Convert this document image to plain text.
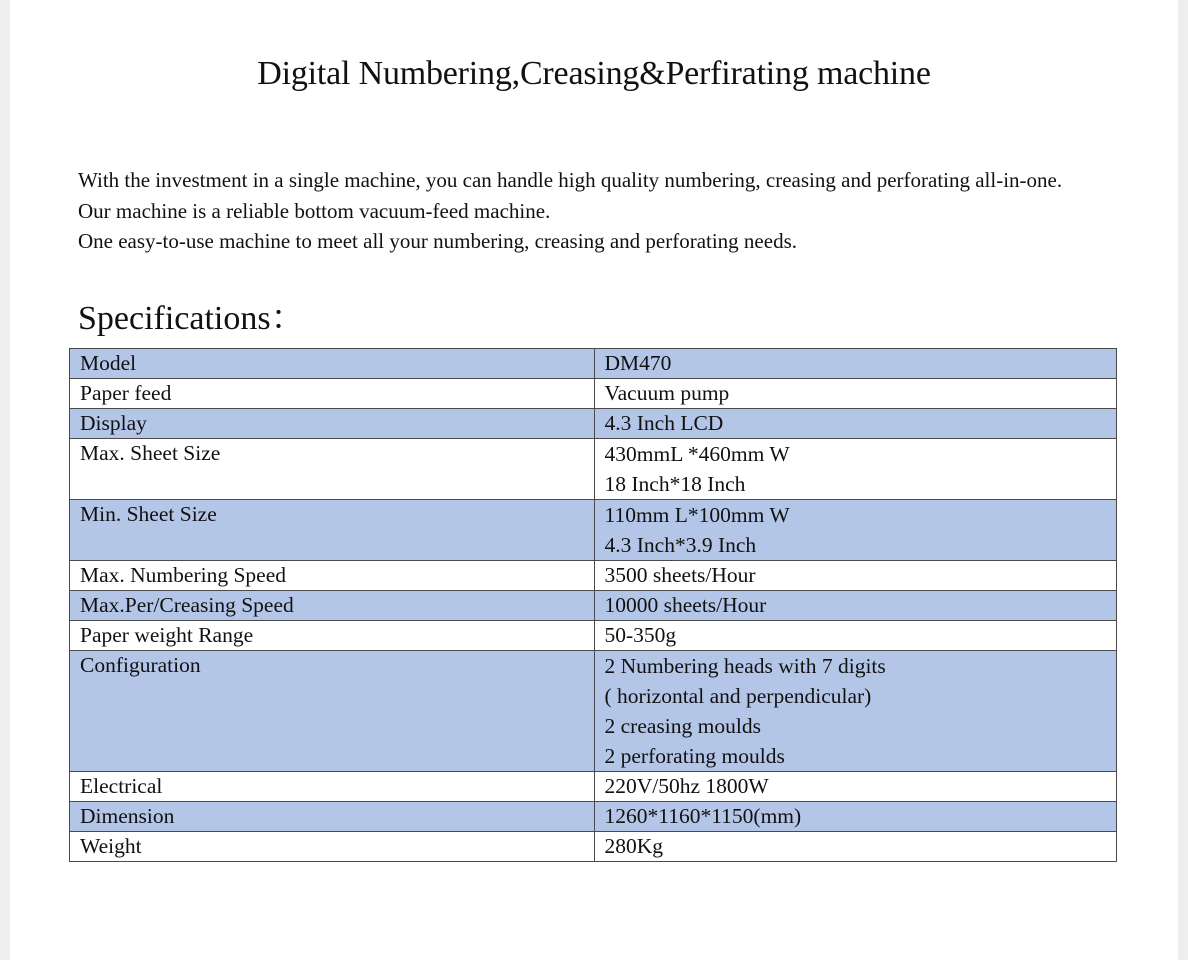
Digital Numbering,Creasing&Perfirating machine

With the investment in a single machine, you can handle high quality numbering, creasing and perforating all-in-one.

Our machine is a reliable bottom vacuum-feed machine.

One easy-to-use machine to meet all your numbering, creasing and perforating needs.

Specifications：
Model	DM470
Paper feed	Vacuum pump
Display	4.3 Inch LCD
Max. Sheet Size	430mmL *460mm W
18 Inch*18 Inch

Min. Sheet Size	110mm L*100mm W
4.3 Inch*3.9 Inch

Max. Numbering Speed	3500 sheets/Hour
Max.Per/Creasing Speed	10000 sheets/Hour
Paper weight Range	50-350g
Configuration	2 Numbering heads with 7 digits
( horizontal and perpendicular)
2 creasing moulds
2 perforating moulds

Electrical	220V/50hz 1800W
Dimension	1260*1160*1150(mm)
Weight	280Kg
